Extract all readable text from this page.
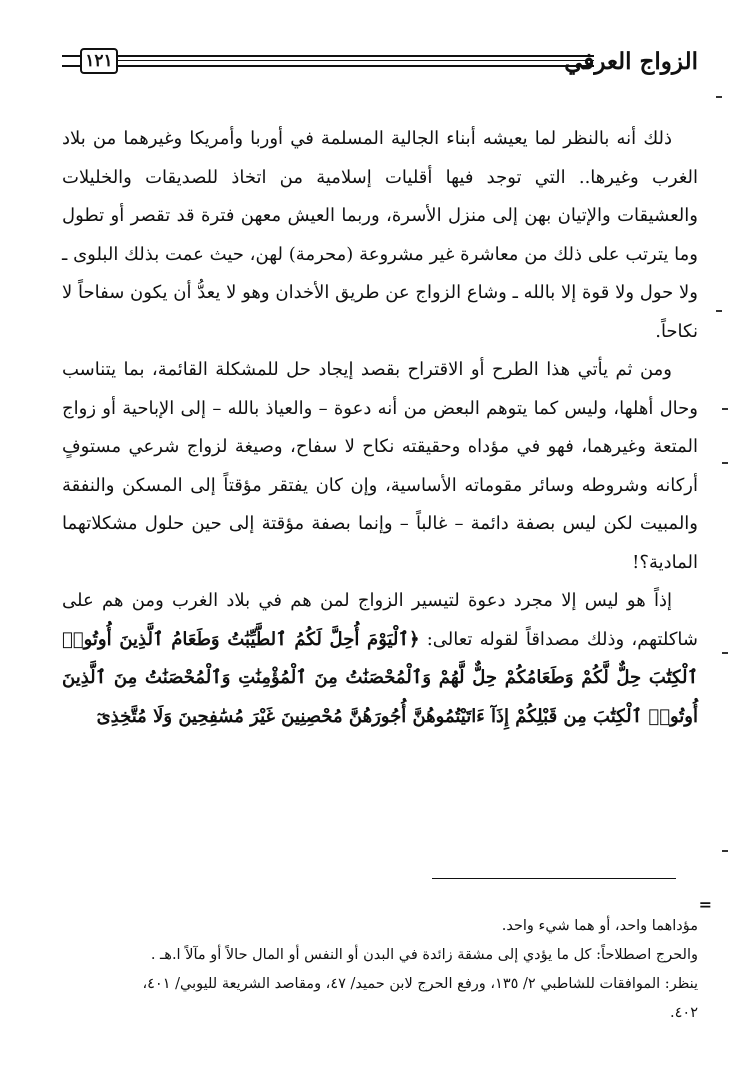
الزواج العرفي
١٢١

ذلك أنه بالنظر لما يعيشه أبناء الجالية المسلمة في أوربا وأمريكا وغيرهما من بلاد الغرب وغيرها.. التي توجد فيها أقليات إسلامية من اتخاذ للصديقات والخليلات والعشيقات والإتيان بهن إلى منزل الأسرة، وربما العيش معهن فترة قد تقصر أو تطول وما يترتب على ذلك من معاشرة غير مشروعة (محرمة) لهن، حيث عمت بذلك البلوى ـ ولا حول ولا قوة إلا بالله ـ وشاع الزواج عن طريق الأخدان وهو لا يعدُّ أن يكون سفاحاً لا نكاحاً.

ومن ثم يأتي هذا الطرح أو الاقتراح بقصد إيجاد حل للمشكلة القائمة، بما يتناسب وحال أهلها، وليس كما يتوهم البعض من أنه دعوة – والعياذ بالله – إلى الإباحية أو زواج المتعة وغيرهما، فهو في مؤداه وحقيقته نكاح لا سفاح، وصيغة لزواج شرعي مستوفٍ أركانه وشروطه وسائر مقوماته الأساسية، وإن كان يفتقر مؤقتاً إلى المسكن والنفقة والمبيت لكن ليس بصفة دائمة – غالباً – وإنما بصفة مؤقتة إلى حين حلول مشكلاتهما المادية؟!

إذاً هو ليس إلا مجرد دعوة لتيسير الزواج لمن هم في بلاد الغرب ومن هم على شاكلتهم، وذلك مصداقاً لقوله تعالى: ﴿ٱلْيَوْمَ أُحِلَّ لَكُمُ ٱلطَّيِّبَٰتُ وَطَعَامُ ٱلَّذِينَ أُوتُوا۟ ٱلْكِتَٰبَ حِلٌّ لَّكُمْ وَطَعَامُكُمْ حِلٌّ لَّهُمْ وَٱلْمُحْصَنَٰتُ مِنَ ٱلْمُؤْمِنَٰتِ وَٱلْمُحْصَنَٰتُ مِنَ ٱلَّذِينَ أُوتُوا۟ ٱلْكِتَٰبَ مِن قَبْلِكُمْ إِذَآ ءَاتَيْتُمُوهُنَّ أُجُورَهُنَّ مُحْصِنِينَ غَيْرَ مُسَٰفِحِينَ وَلَا مُتَّخِذِىٓ

=

مؤداهما واحد، أو هما شيء واحد.

والحرج اصطلاحاً: كل ما يؤدي إلى مشقة زائدة في البدن أو النفس أو المال حالاً أو مآلاً ا.هـ .

ينظر: الموافقات للشاطبي ٢/ ١٣٥، ورفع الحرج لابن حميد/ ٤٧، ومقاصد الشريعة لليوبي/ ٤٠١،

٤٠٢.
